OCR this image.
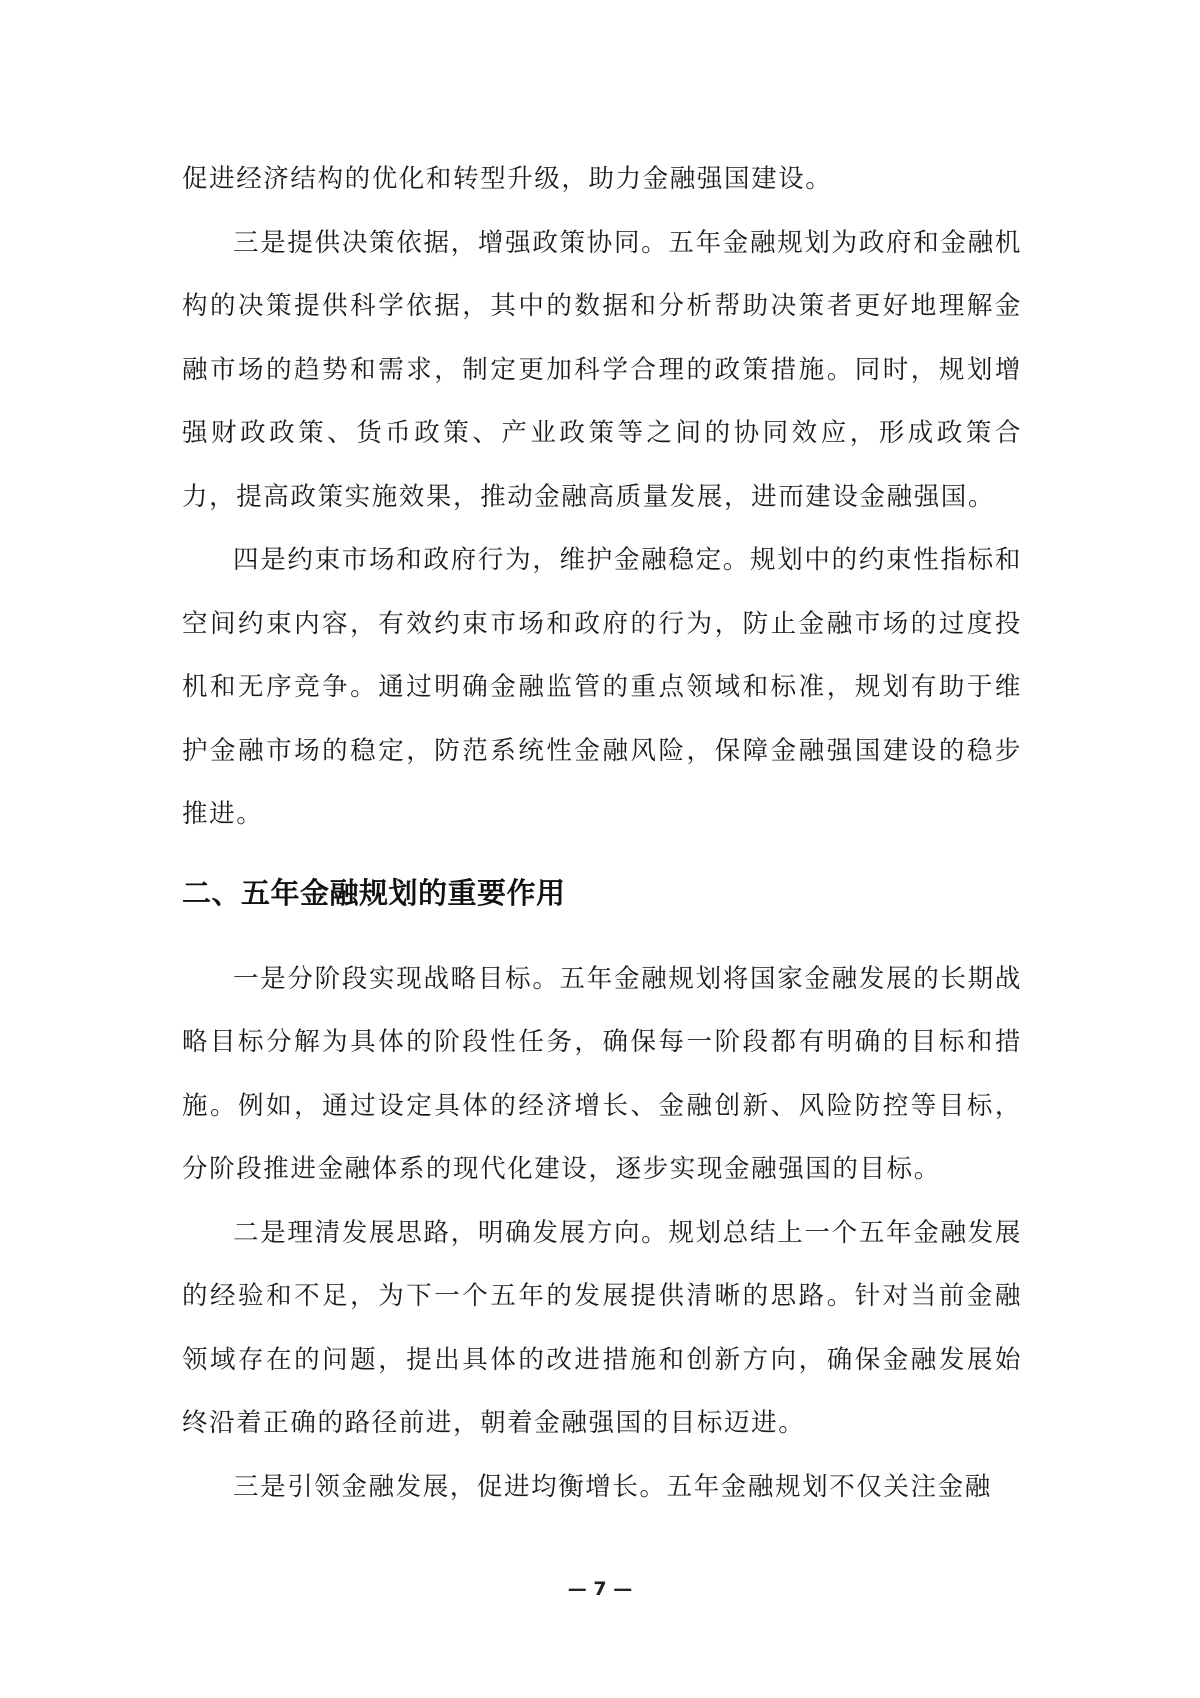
促进经济结构的优化和转型升级，助力金融强国建设。

三是提供决策依据，增强政策协同。五年金融规划为政府和金融机构的决策提供科学依据，其中的数据和分析帮助决策者更好地理解金融市场的趋势和需求，制定更加科学合理的政策措施。同时，规划增强财政政策、货币政策、产业政策等之间的协同效应，形成政策合力，提高政策实施效果，推动金融高质量发展，进而建设金融强国。

四是约束市场和政府行为，维护金融稳定。规划中的约束性指标和空间约束内容，有效约束市场和政府的行为，防止金融市场的过度投机和无序竞争。通过明确金融监管的重点领域和标准，规划有助于维护金融市场的稳定，防范系统性金融风险，保障金融强国建设的稳步推进。

二、五年金融规划的重要作用

一是分阶段实现战略目标。五年金融规划将国家金融发展的长期战略目标分解为具体的阶段性任务，确保每一阶段都有明确的目标和措施。例如，通过设定具体的经济增长、金融创新、风险防控等目标，分阶段推进金融体系的现代化建设，逐步实现金融强国的目标。

二是理清发展思路，明确发展方向。规划总结上一个五年金融发展的经验和不足，为下一个五年的发展提供清晰的思路。针对当前金融领域存在的问题，提出具体的改进措施和创新方向，确保金融发展始终沿着正确的路径前进，朝着金融强国的目标迈进。

三是引领金融发展，促进均衡增长。五年金融规划不仅关注金融

— 7 —
